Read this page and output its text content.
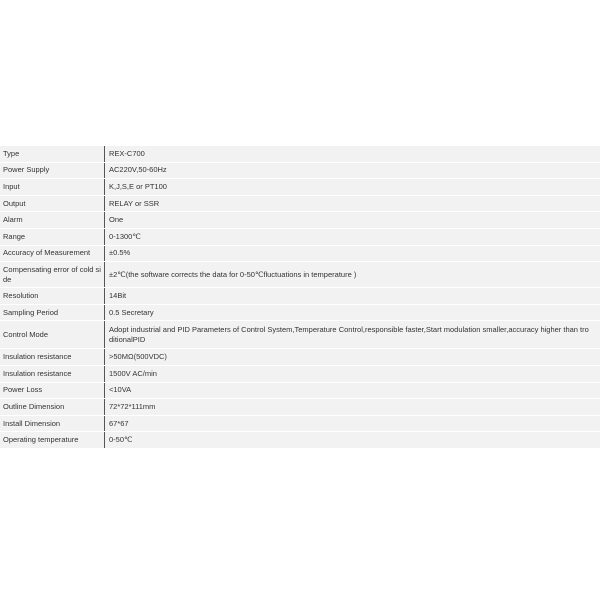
Type	REX-C700
Power Supply	AC220V,50-60Hz
Input	K,J,S,E or PT100
Output	RELAY or SSR
Alarm	One
Range	0-1300℃
Accuracy of Measurement	±0.5%
Compensating error of cold si de	±2℃(the software corrects the data for 0-50℃fluctuations in temperature )
Resolution	14Bit
Sampling Period	0.5 Secretary
Control Mode	Adopt industrial and PID Parameters of Control System,Temperature Control,responsible faster,Start modulation smaller,accuracy higher than tro ditionalPID
Insulation resistance	>50MΩ(500VDC)
Insulation resistance	1500V AC/min
Power Loss	<10VA
Outline Dimension	72*72*111mm
Install Dimension	67*67
Operating temperature	0-50℃
